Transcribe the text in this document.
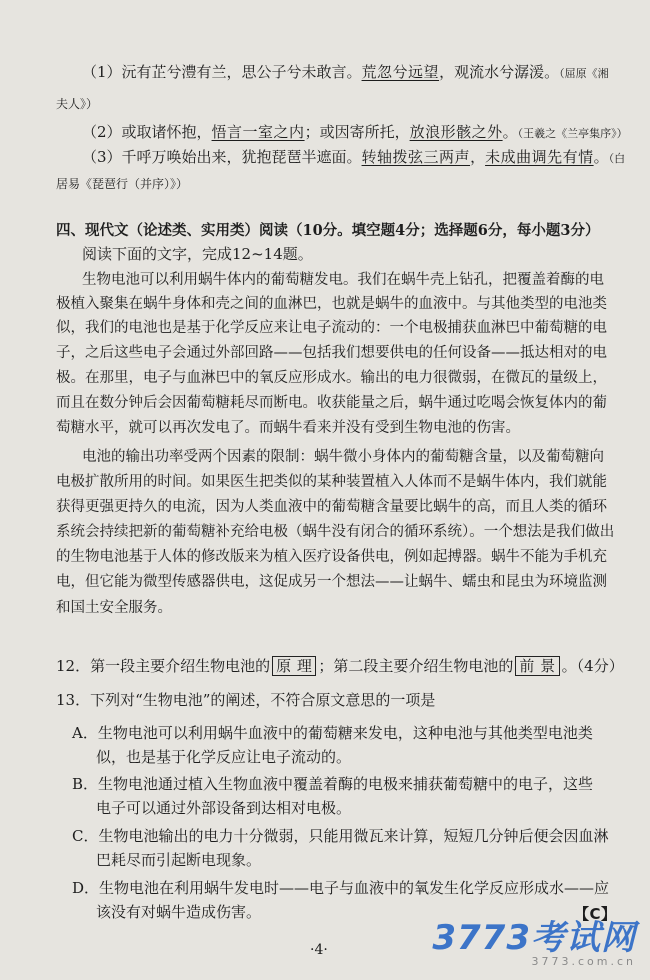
（1）沅有芷兮澧有兰，思公子兮未敢言。荒忽兮远望，观流水兮潺湲。（屈原《湘
夫人》）
（2）或取诸怀抱，悟言一室之内；或因寄所托，放浪形骸之外。（王羲之《兰亭集序》）
（3）千呼万唤始出来，犹抱琵琶半遮面。转轴拨弦三两声，未成曲调先有情。（白
居易《琵琶行（并序）》）
四、现代文（论述类、实用类）阅读（10分。填空题4分；选择题6分，每小题3分）
阅读下面的文字，完成12~14题。
生物电池可以利用蜗牛体内的葡萄糖发电。我们在蜗牛壳上钻孔，把覆盖着酶的电
极植入聚集在蜗牛身体和壳之间的血淋巴，也就是蜗牛的血液中。与其他类型的电池类
似，我们的电池也是基于化学反应来让电子流动的：一个电极捕获血淋巴中葡萄糖的电
子，之后这些电子会通过外部回路——包括我们想要供电的任何设备——抵达相对的电
极。在那里，电子与血淋巴中的氧反应形成水。输出的电力很微弱，在微瓦的量级上，
而且在数分钟后会因葡萄糖耗尽而断电。收获能量之后，蜗牛通过吃喝会恢复体内的葡
萄糖水平，就可以再次发电了。而蜗牛看来并没有受到生物电池的伤害。
电池的输出功率受两个因素的限制：蜗牛微小身体内的葡萄糖含量，以及葡萄糖向
电极扩散所用的时间。如果医生把类似的某种装置植入人体而不是蜗牛体内，我们就能
获得更强更持久的电流，因为人类血液中的葡萄糖含量要比蜗牛的高，而且人类的循环
系统会持续把新的葡萄糖补充给电极（蜗牛没有闭合的循环系统）。一个想法是我们做出
的生物电池基于人体的修改版来为植入医疗设备供电，例如起搏器。蜗牛不能为手机充
电，但它能为微型传感器供电，这促成另一个想法——让蜗牛、蠕虫和昆虫为环境监测
和国土安全服务。
12．第一段主要介绍生物电池的 原 理 ；第二段主要介绍生物电池的 前 景 。（4分）
13．下列对“生物电池”的阐述，不符合原文意思的一项是
A．生物电池可以利用蜗牛血液中的葡萄糖来发电，这种电池与其他类型电池类
似，也是基于化学反应让电子流动的。
B．生物电池通过植入生物血液中覆盖着酶的电极来捕获葡萄糖中的电子，这些
电子可以通过外部设备到达相对电极。
C．生物电池输出的电力十分微弱，只能用微瓦来计算，短短几分钟后便会因血淋
巴耗尽而引起断电现象。
D．生物电池在利用蜗牛发电时——电子与血液中的氧发生化学反应形成水——应
该没有对蜗牛造成伤害。	【C】
·4·	3773考试网
3773.com.cn
